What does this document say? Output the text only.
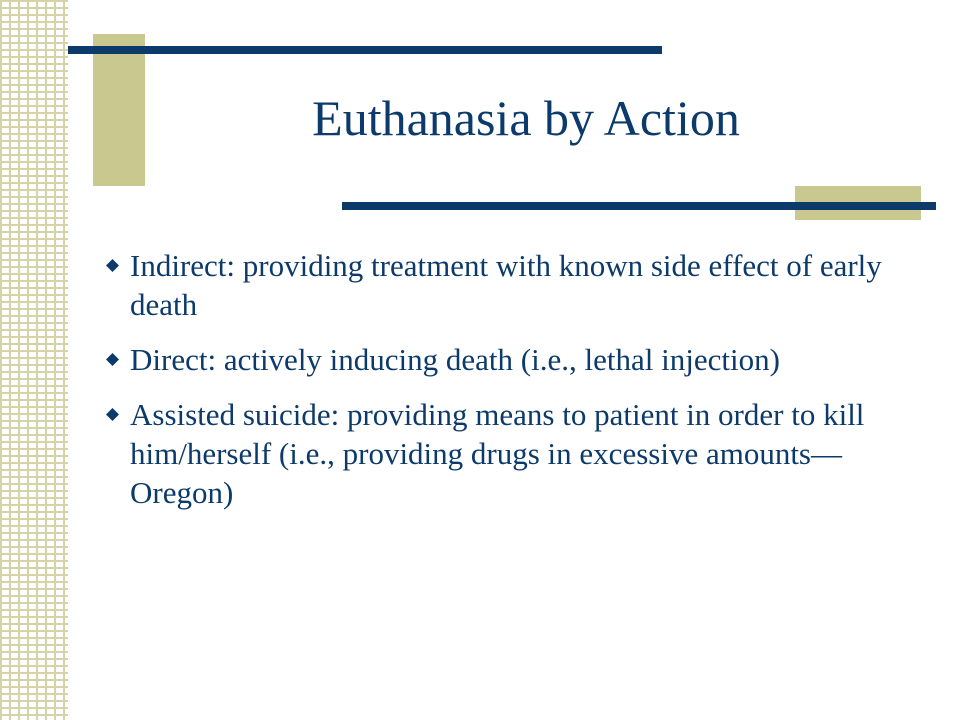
Euthanasia by Action
Indirect: providing treatment with known side effect of early death
Direct: actively inducing death (i.e., lethal injection)
Assisted suicide: providing means to patient in order to kill him/herself (i.e., providing drugs in excessive amounts—Oregon)
